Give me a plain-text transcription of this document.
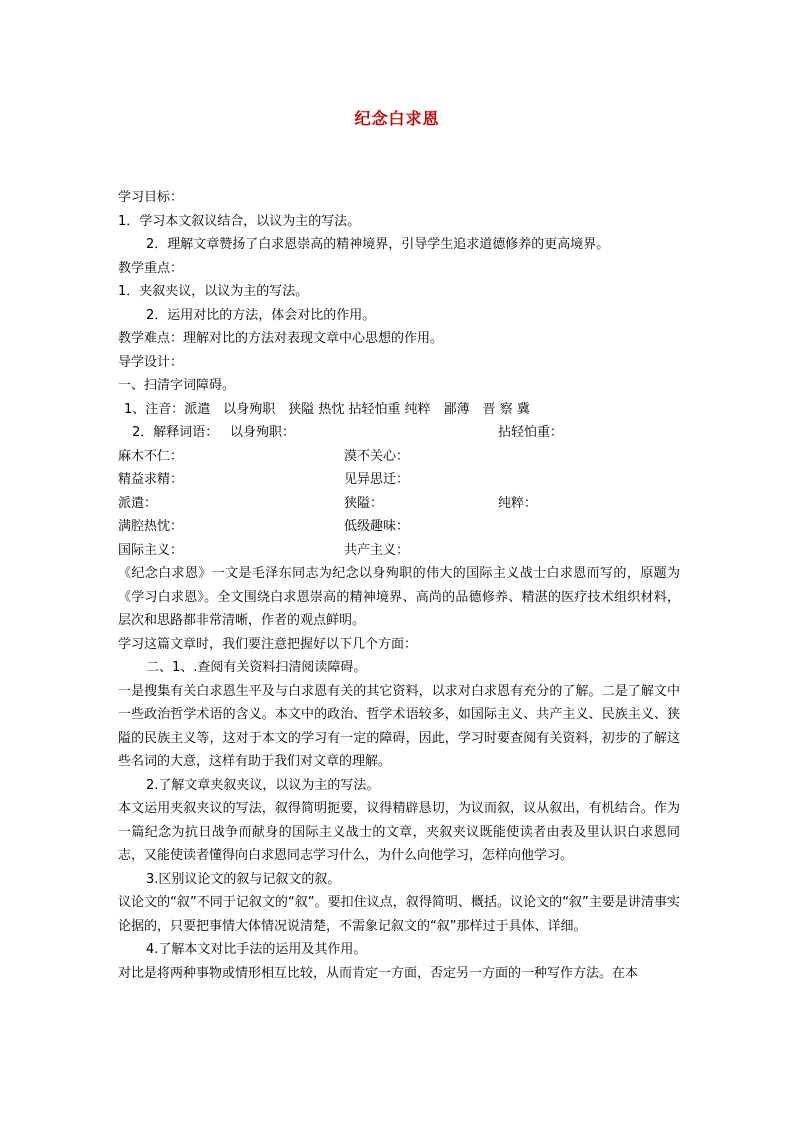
纪念白求恩
学习目标：
1．学习本文叙议结合，以议为主的写法。
2．理解文章赞扬了白求恩崇高的精神境界，引导学生追求道德修养的更高境界。
教学重点：
1．夹叙夹议，以议为主的写法。
2．运用对比的方法，体会对比的作用。
教学难点：理解对比的方法对表现文章中心思想的作用。
导学设计：
一、扫清字词障碍。
1、注音：派遣　以身殉职　狭隘 热忱 拈轻怕重 纯粹　鄙薄　晋 察 冀
2．解释词语： 以身殉职：	拈轻怕重：
麻木不仁：	漠不关心：
精益求精：	见异思迁：
派遣：	狭隘：	纯粹：
满腔热忱：	低级趣味：
国际主义：	共产主义：
《纪念白求恩》一文是毛泽东同志为纪念以身殉职的伟大的国际主义战士白求恩而写的，原题为《学习白求恩》。全文围绕白求恩崇高的精神境界、高尚的品德修养、精湛的医疗技术组织材料，层次和思路都非常清晰，作者的观点鲜明。
学习这篇文章时，我们要注意把握好以下几个方面：
二、1、.查阅有关资料扫清阅读障碍。
一是搜集有关白求恩生平及与白求恩有关的其它资料，以求对白求恩有充分的了解。二是了解文中一些政治哲学术语的含义。本文中的政治、哲学术语较多，如国际主义、共产主义、民族主义、狭隘的民族主义等，这对于本文的学习有一定的障碍，因此，学习时要查阅有关资料，初步的了解这些名词的大意，这样有助于我们对文章的理解。
2.了解文章夹叙夹议，以议为主的写法。
本文运用夹叙夹议的写法，叙得简明扼要，议得精辟恳切，为议而叙，议从叙出，有机结合。作为一篇纪念为抗日战争而献身的国际主义战士的文章，夹叙夹议既能使读者由表及里认识白求恩同志，又能使读者懂得向白求恩同志学习什么，为什么向他学习，怎样向他学习。
3.区别议论文的叙与记叙文的叙。
议论文的“叙”不同于记叙文的“叙”。要扣住议点，叙得简明、概括。议论文的“叙”主要是讲清事实论据的，只要把事情大体情况说清楚，不需象记叙文的“叙”那样过于具体、详细。
4.了解本文对比手法的运用及其作用。
对比是将两种事物或情形相互比较，从而肯定一方面，否定另一方面的一种写作方法。在本
